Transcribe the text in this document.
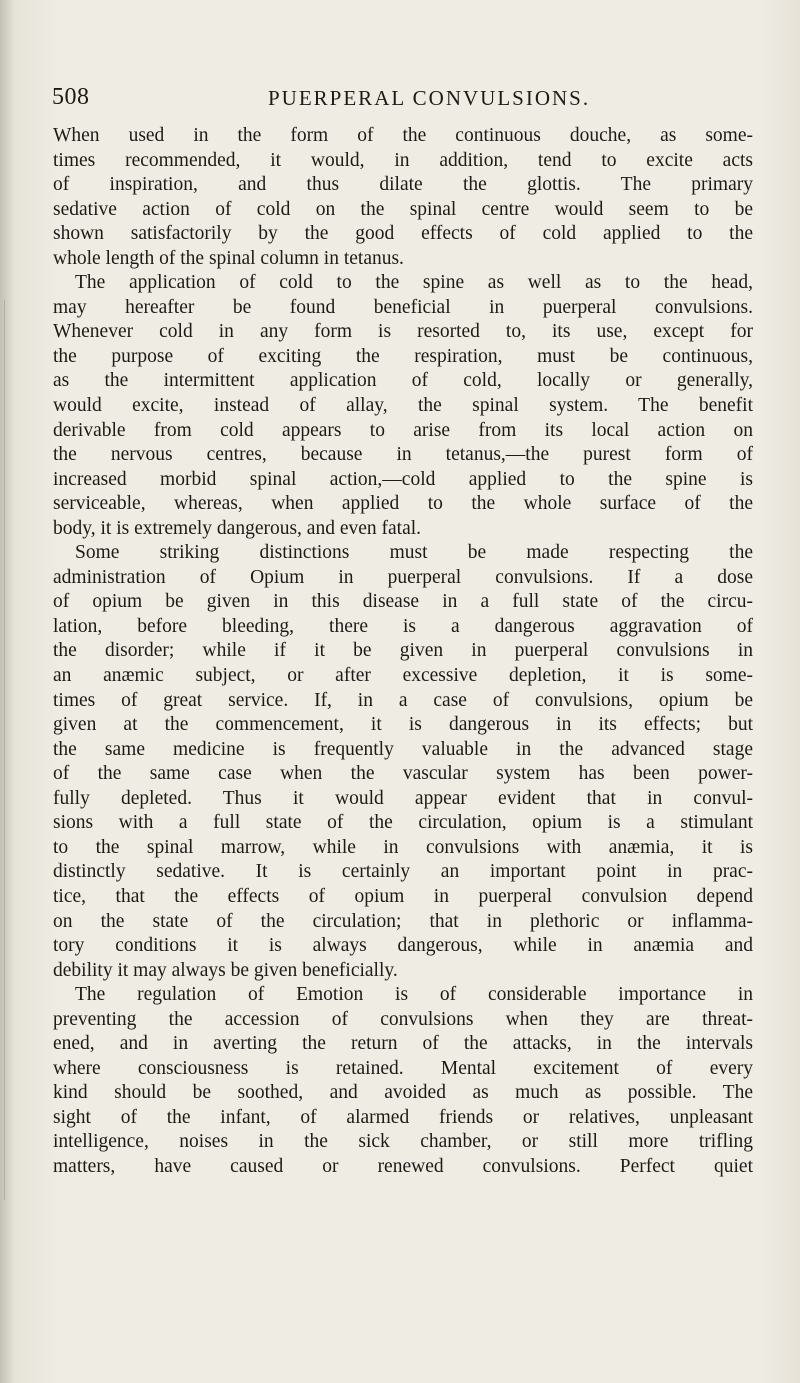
508	PUERPERAL CONVULSIONS.
When used in the form of the continuous douche, as some-
times recommended, it would, in addition, tend to excite acts
of inspiration, and thus dilate the glottis. The primary
sedative action of cold on the spinal centre would seem to be
shown satisfactorily by the good effects of cold applied to the
whole length of the spinal column in tetanus.
The application of cold to the spine as well as to the head,
may hereafter be found beneficial in puerperal convulsions.
Whenever cold in any form is resorted to, its use, except for
the purpose of exciting the respiration, must be continuous,
as the intermittent application of cold, locally or generally,
would excite, instead of allay, the spinal system. The benefit
derivable from cold appears to arise from its local action on
the nervous centres, because in tetanus,—the purest form of
increased morbid spinal action,—cold applied to the spine is
serviceable, whereas, when applied to the whole surface of the
body, it is extremely dangerous, and even fatal.
Some striking distinctions must be made respecting the
administration of Opium in puerperal convulsions. If a dose
of opium be given in this disease in a full state of the circu-
lation, before bleeding, there is a dangerous aggravation of
the disorder; while if it be given in puerperal convulsions in
an anæmic subject, or after excessive depletion, it is some-
times of great service. If, in a case of convulsions, opium be
given at the commencement, it is dangerous in its effects; but
the same medicine is frequently valuable in the advanced stage
of the same case when the vascular system has been power-
fully depleted. Thus it would appear evident that in convul-
sions with a full state of the circulation, opium is a stimulant
to the spinal marrow, while in convulsions with anæmia, it is
distinctly sedative. It is certainly an important point in prac-
tice, that the effects of opium in puerperal convulsion depend
on the state of the circulation; that in plethoric or inflamma-
tory conditions it is always dangerous, while in anæmia and
debility it may always be given beneficially.
The regulation of Emotion is of considerable importance in
preventing the accession of convulsions when they are threat-
ened, and in averting the return of the attacks, in the intervals
where consciousness is retained. Mental excitement of every
kind should be soothed, and avoided as much as possible. The
sight of the infant, of alarmed friends or relatives, unpleasant
intelligence, noises in the sick chamber, or still more trifling
matters, have caused or renewed convulsions. Perfect quiet
